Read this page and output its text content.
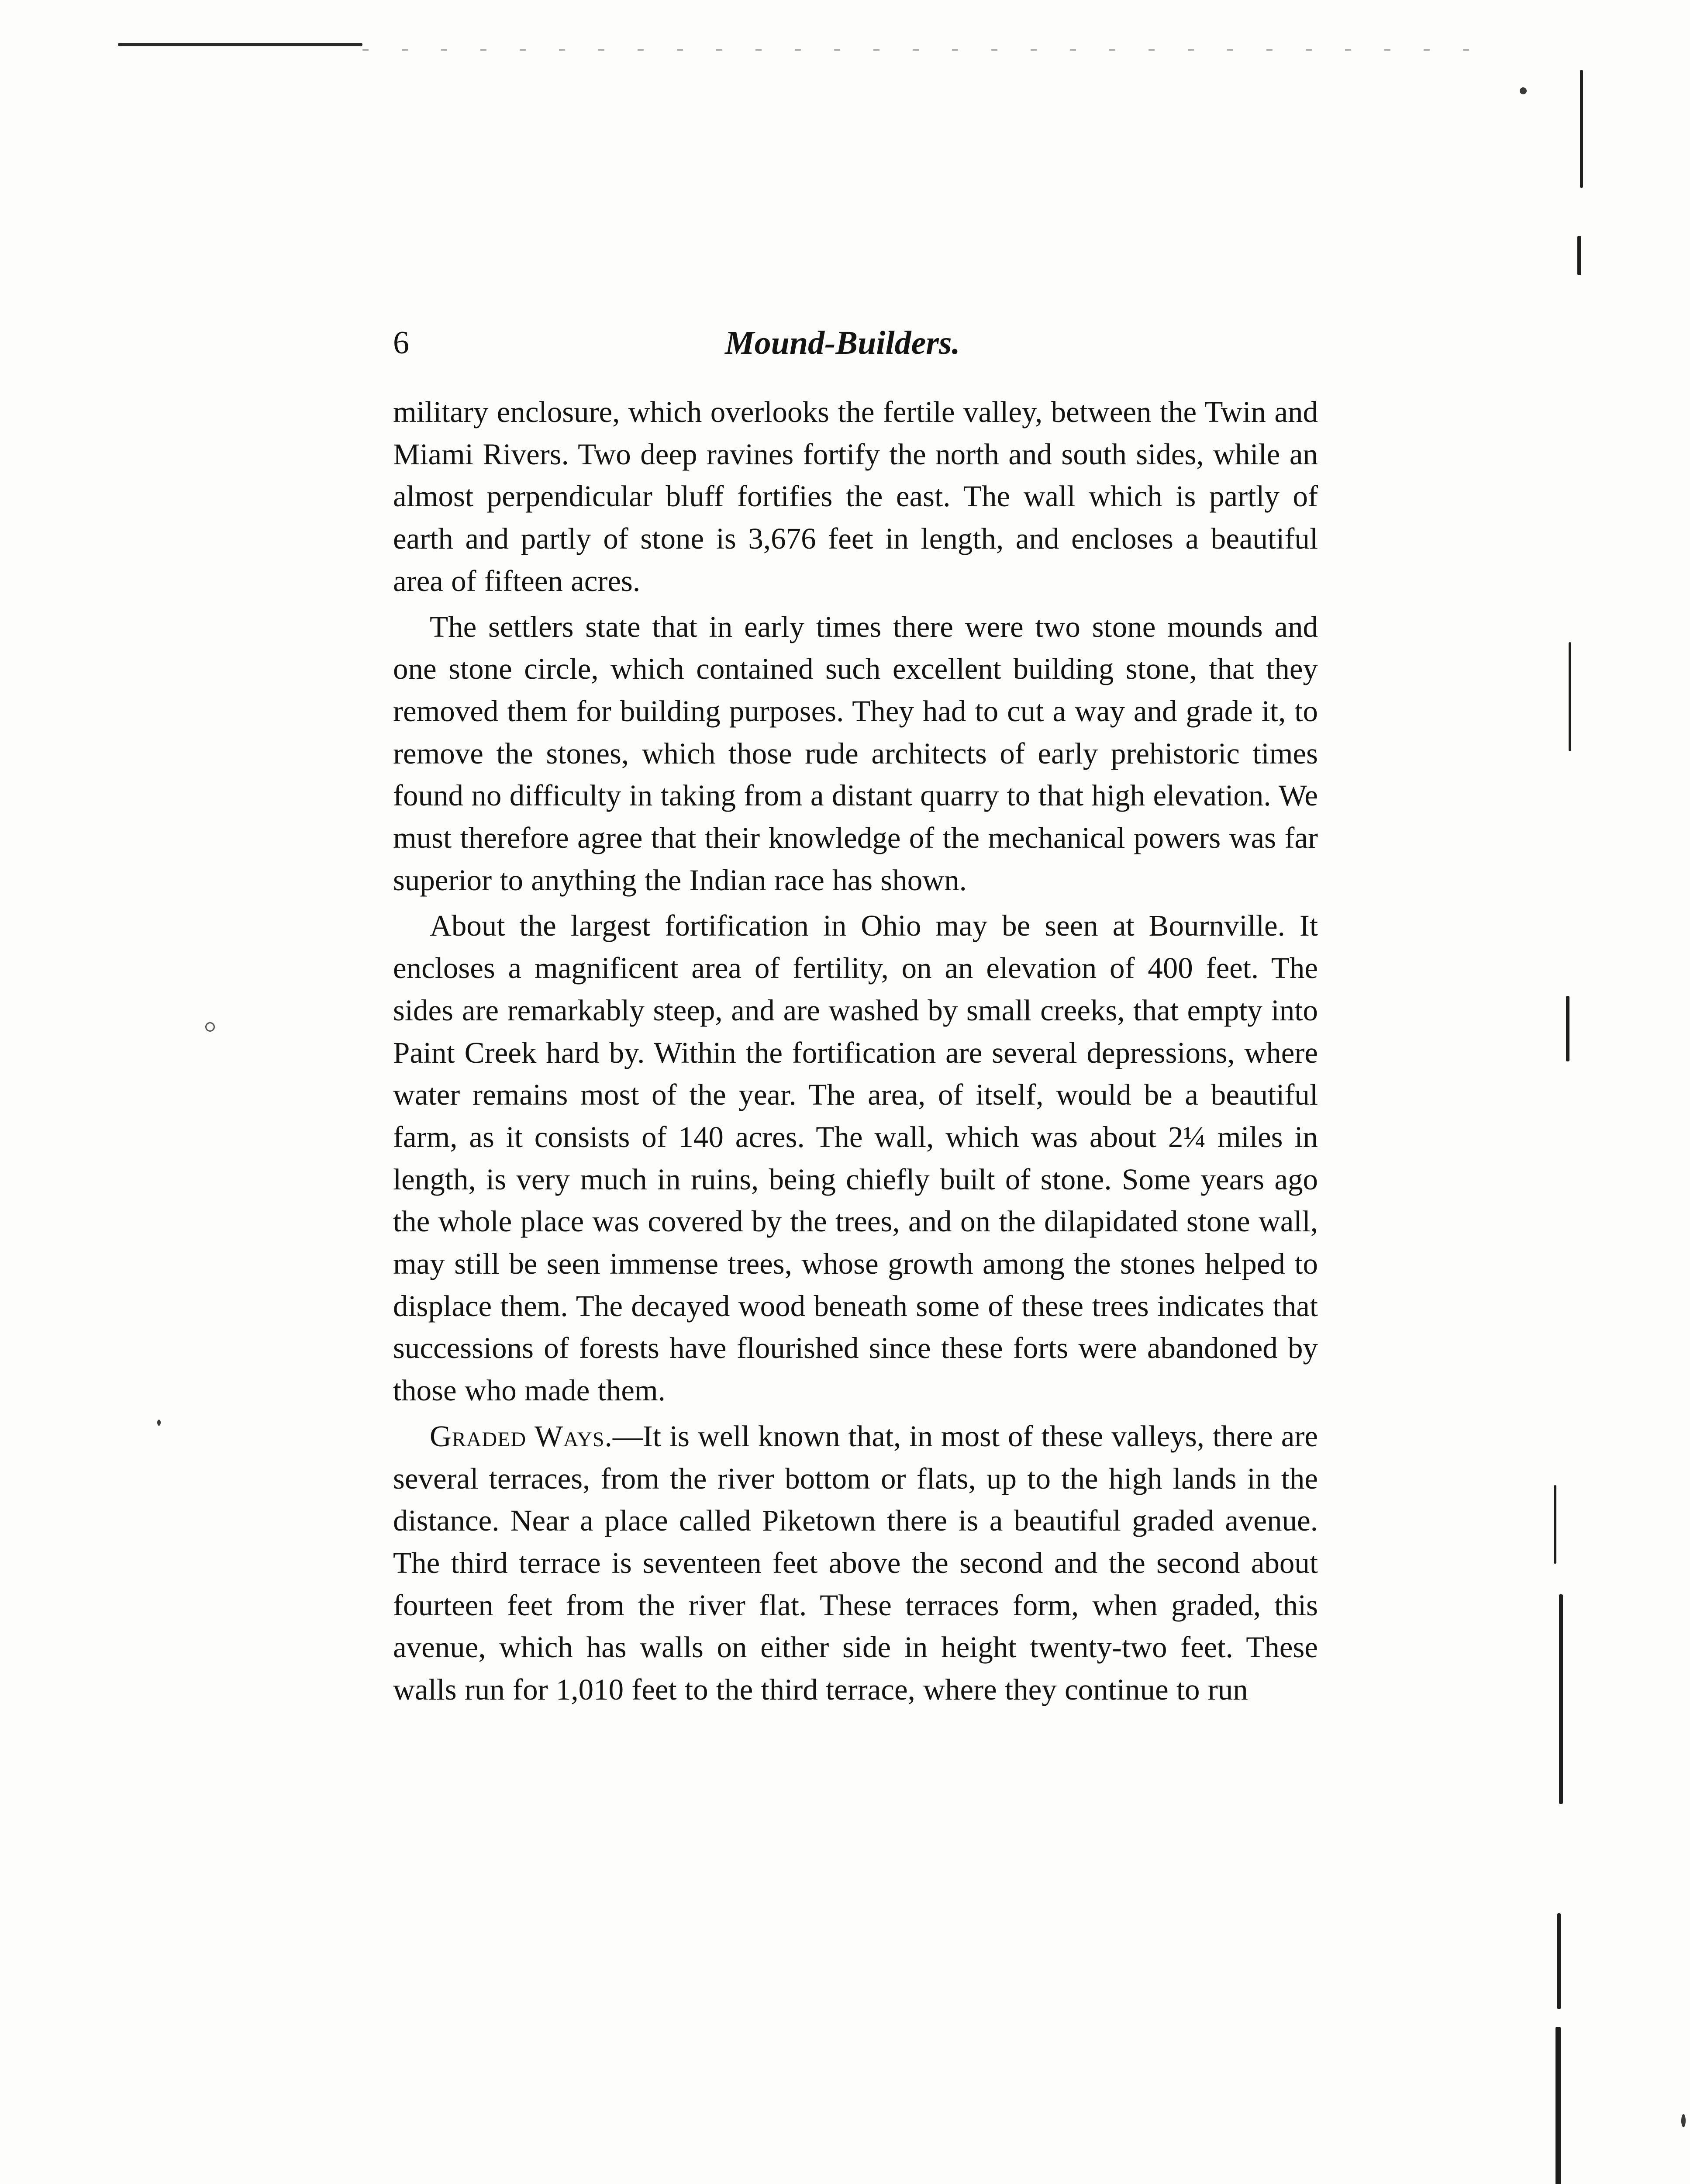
6	Mound-Builders.

military enclosure, which overlooks the fertile valley, between the Twin and Miami Rivers. Two deep ravines fortify the north and south sides, while an almost perpendicular bluff fortifies the east. The wall which is partly of earth and partly of stone is 3,676 feet in length, and encloses a beautiful area of fifteen acres.

The settlers state that in early times there were two stone mounds and one stone circle, which contained such excellent building stone, that they removed them for building purposes. They had to cut a way and grade it, to remove the stones, which those rude architects of early prehistoric times found no difficulty in taking from a distant quarry to that high elevation. We must therefore agree that their knowledge of the mechanical powers was far superior to anything the Indian race has shown.

About the largest fortification in Ohio may be seen at Bournville. It encloses a magnificent area of fertility, on an elevation of 400 feet. The sides are remarkably steep, and are washed by small creeks, that empty into Paint Creek hard by. Within the fortification are several depressions, where water remains most of the year. The area, of itself, would be a beautiful farm, as it consists of 140 acres. The wall, which was about 2¼ miles in length, is very much in ruins, being chiefly built of stone. Some years ago the whole place was covered by the trees, and on the dilapidated stone wall, may still be seen immense trees, whose growth among the stones helped to displace them. The decayed wood beneath some of these trees indicates that successions of forests have flourished since these forts were abandoned by those who made them.

Graded Ways.—It is well known that, in most of these valleys, there are several terraces, from the river bottom or flats, up to the high lands in the distance. Near a place called Piketown there is a beautiful graded avenue. The third terrace is seventeen feet above the second and the second about fourteen feet from the river flat. These terraces form, when graded, this avenue, which has walls on either side in height twenty-two feet. These walls run for 1,010 feet to the third terrace, where they continue to run
